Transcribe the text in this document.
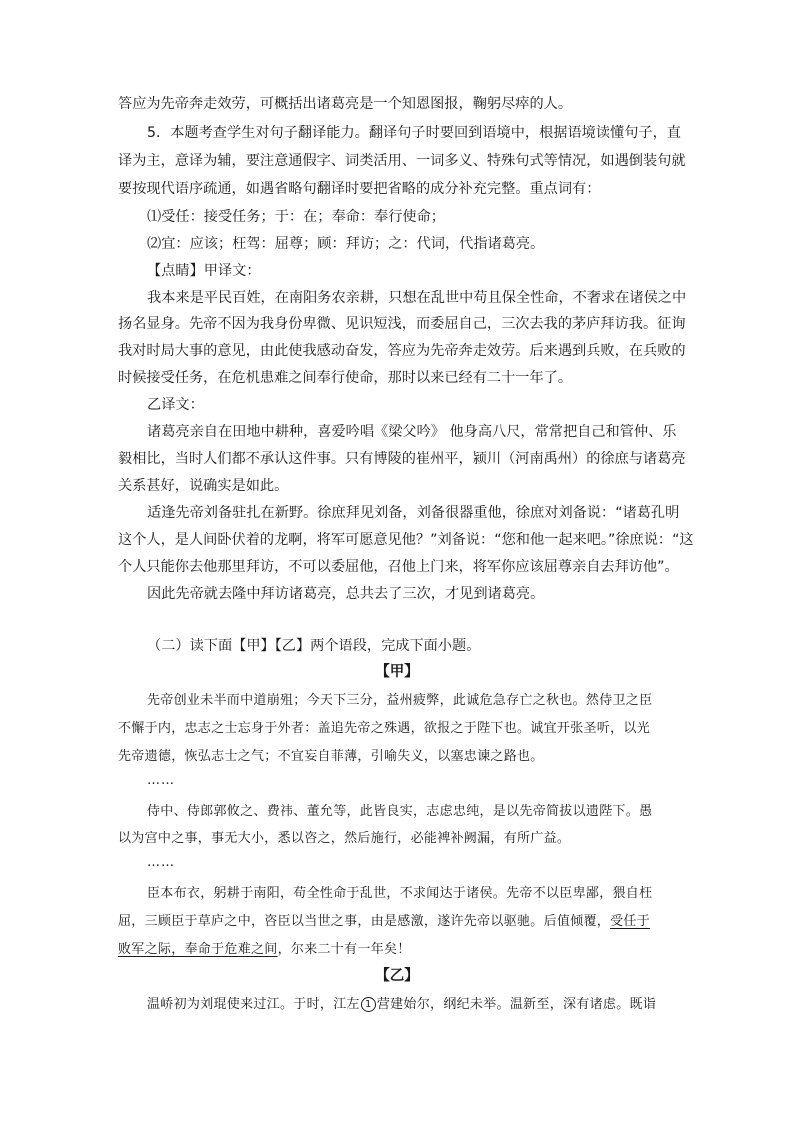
答应为先帝奔走效劳，可概括出诸葛亮是一个知恩图报，鞠躬尽瘁的人。
5．本题考查学生对句子翻译能力。翻译句子时要回到语境中，根据语境读懂句子，直
译为主，意译为辅，要注意通假字、词类活用、一词多义、特殊句式等情况，如遇倒装句就
要按现代语序疏通，如遇省略句翻译时要把省略的成分补充完整。重点词有：
⑴受任：接受任务；于：在；奉命：奉行使命；
⑵宜：应该；枉驾：屈尊；顾：拜访；之：代词，代指诸葛亮。
【点睛】甲译文：
我本来是平民百姓，在南阳务农亲耕，只想在乱世中苟且保全性命，不奢求在诸侯之中
扬名显身。先帝不因为我身份卑微、见识短浅，而委屈自己，三次去我的茅庐拜访我。征询
我对时局大事的意见，由此使我感动奋发，答应为先帝奔走效劳。后来遇到兵败，在兵败的
时候接受任务，在危机患难之间奉行使命，那时以来已经有二十一年了。
乙译文：
诸葛亮亲自在田地中耕种，喜爱吟唱《梁父吟》 他身高八尺，常常把自己和管仲、乐
毅相比，当时人们都不承认这件事。只有博陵的崔州平，颍川（河南禹州）的徐庶与诸葛亮
关系甚好，说确实是如此。
适逢先帝刘备驻扎在新野。徐庶拜见刘备，刘备很器重他，徐庶对刘备说：“诸葛孔明
这个人，是人间卧伏着的龙啊，将军可愿意见他？”刘备说：“您和他一起来吧。”徐庶说：“这
个人只能你去他那里拜访，不可以委屈他，召他上门来，将军你应该屈尊亲自去拜访他”。
因此先帝就去隆中拜访诸葛亮，总共去了三次，才见到诸葛亮。
（二）读下面【甲】【乙】两个语段，完成下面小题。
【甲】
先帝创业未半而中道崩殂；今天下三分，益州疲弊，此诚危急存亡之秋也。然侍卫之臣
不懈于内，忠志之士忘身于外者：盖追先帝之殊遇，欲报之于陛下也。诚宜开张圣听，以光
先帝遗德，恢弘志士之气；不宜妄自菲薄，引喻失义，以塞忠谏之路也。
……
侍中、侍郎郭攸之、费祎、董允等，此皆良实，志虑忠纯，是以先帝简拔以遗陛下。愚
以为宫中之事，事无大小，悉以咨之，然后施行，必能裨补阙漏，有所广益。
……
臣本布衣，躬耕于南阳，苟全性命于乱世，不求闻达于诸侯。先帝不以臣卑鄙，猥自枉
屈，三顾臣于草庐之中，咨臣以当世之事，由是感激，遂许先帝以驱驰。后值倾覆，受任于
败军之际，奉命于危难之间，尔来二十有一年矣！
【乙】
温峤初为刘琨使来过江。于时，江左 1 营建始尔，纲纪未举。温新至，深有诸虑。既诣
